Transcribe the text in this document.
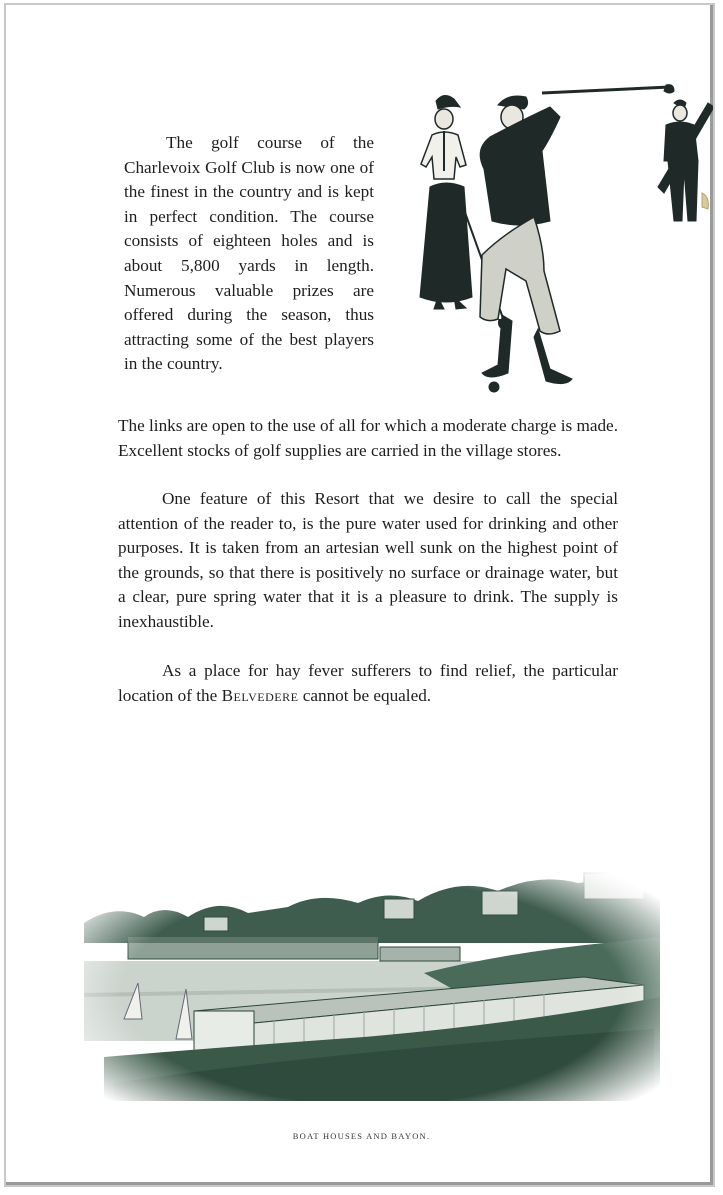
The golf course of the Charlevoix Golf Club is now one of the finest in the country and is kept in perfect condition. The course consists of eighteen holes and is about 5,800 yards in length. Numerous valuable prizes are offered during the season, thus attracting some of the best players in the country.

The links are open to the use of all for which a moderate charge is made. Excellent stocks of golf supplies are carried in the village stores.

One feature of this Resort that we desire to call the special attention of the reader to, is the pure water used for drinking and other purposes. It is taken from an artesian well sunk on the highest point of the grounds, so that there is positively no surface or drainage water, but a clear, pure spring water that it is a pleasure to drink. The supply is inexhaustible.

As a place for hay fever sufferers to find relief, the particular location of the Belvedere cannot be equaled.

BOAT HOUSES AND BAYON.
